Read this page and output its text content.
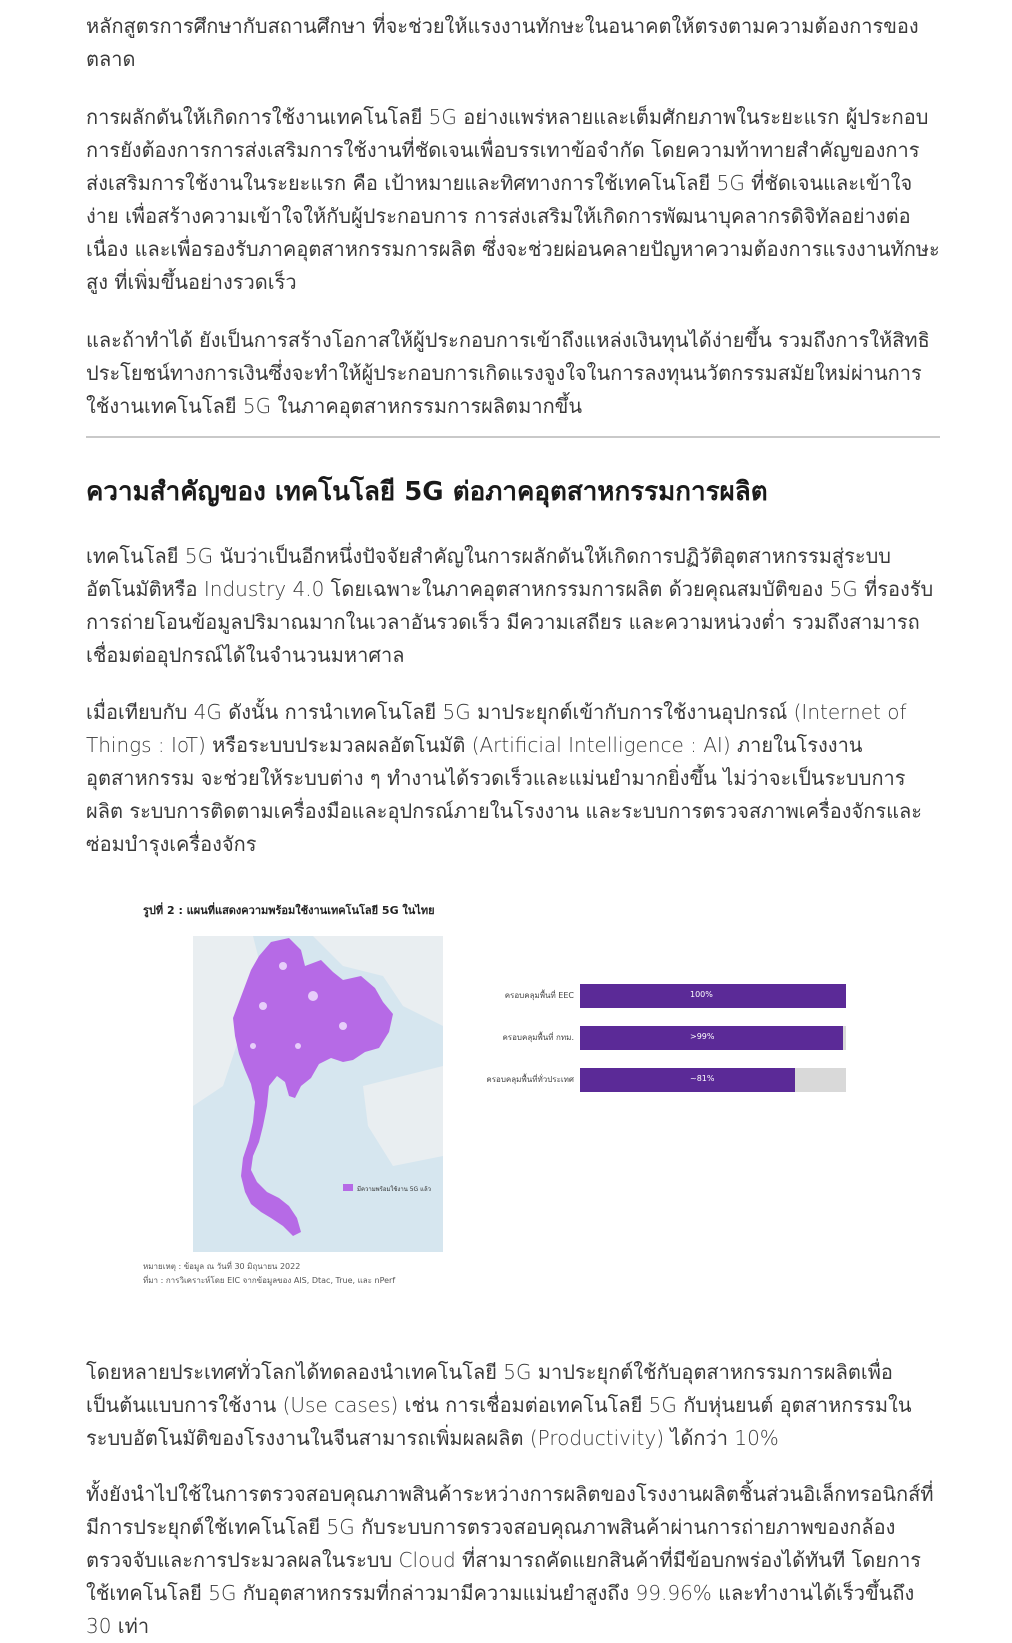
หลักสูตรการศึกษากับสถานศึกษา ที่จะช่วยให้แรงงานทักษะในอนาคตให้ตรงตามความต้องการของตลาด

การผลักดันให้เกิดการใช้งานเทคโนโลยี 5G อย่างแพร่หลายและเต็มศักยภาพในระยะแรก ผู้ประกอบการยังต้องการการส่งเสริมการใช้งานที่ชัดเจนเพื่อบรรเทาข้อจำกัด โดยความท้าทายสำคัญของการส่งเสริมการใช้งานในระยะแรก คือ เป้าหมายและทิศทางการใช้เทคโนโลยี 5G ที่ชัดเจนและเข้าใจง่าย เพื่อสร้างความเข้าใจให้กับผู้ประกอบการ การส่งเสริมให้เกิดการพัฒนาบุคลากรดิจิทัลอย่างต่อเนื่อง และเพื่อรองรับภาคอุตสาหกรรมการผลิต ซึ่งจะช่วยผ่อนคลายปัญหาความต้องการแรงงานทักษะสูง ที่เพิ่มขึ้นอย่างรวดเร็ว

และถ้าทำได้ ยังเป็นการสร้างโอกาสให้ผู้ประกอบการเข้าถึงแหล่งเงินทุนได้ง่ายขึ้น รวมถึงการให้สิทธิประโยชน์ทางการเงินซึ่งจะทำให้ผู้ประกอบการเกิดแรงจูงใจในการลงทุนนวัตกรรมสมัยใหม่ผ่านการใช้งานเทคโนโลยี 5G ในภาคอุตสาหกรรมการผลิตมากขึ้น

ความสำคัญของ เทคโนโลยี 5G ต่อภาคอุตสาหกรรมการผลิต

เทคโนโลยี 5G นับว่าเป็นอีกหนึ่งปัจจัยสำคัญในการผลักดันให้เกิดการปฏิวัติอุตสาหกรรมสู่ระบบอัตโนมัติหรือ Industry 4.0 โดยเฉพาะในภาคอุตสาหกรรมการผลิต ด้วยคุณสมบัติของ 5G ที่รองรับการถ่ายโอนข้อมูลปริมาณมากในเวลาอันรวดเร็ว มีความเสถียร และความหน่วงต่ำ รวมถึงสามารถเชื่อมต่ออุปกรณ์ได้ในจำนวนมหาศาล

เมื่อเทียบกับ 4G ดังนั้น การนำเทคโนโลยี 5G มาประยุกต์เข้ากับการใช้งานอุปกรณ์ (Internet of Things : IoT) หรือระบบประมวลผลอัตโนมัติ (Artificial Intelligence : AI) ภายในโรงงานอุตสาหกรรม จะช่วยให้ระบบต่าง ๆ ทำงานได้รวดเร็วและแม่นยำมากยิ่งขึ้น ไม่ว่าจะเป็นระบบการผลิต ระบบการติดตามเครื่องมือและอุปกรณ์ภายในโรงงาน และระบบการตรวจสภาพเครื่องจักรและซ่อมบำรุงเครื่องจักร

รูปที่ 2 : แผนที่แสดงความพร้อมใช้งานเทคโนโลยี 5G ในไทย
มีความพร้อมใช้งาน 5G แล้ว
ครอบคลุมพื้นที่ EEC	100%
ครอบคลุมพื้นที่ กทม.	>99%
ครอบคลุมพื้นที่ทั่วประเทศ	~81%
หมายเหตุ : ข้อมูล ณ วันที่ 30 มิถุนายน 2022
ที่มา : การวิเคราะห์โดย EIC จากข้อมูลของ AIS, Dtac, True, และ nPerf

โดยหลายประเทศทั่วโลกได้ทดลองนำเทคโนโลยี 5G มาประยุกต์ใช้กับอุตสาหกรรมการผลิตเพื่อเป็นต้นแบบการใช้งาน (Use cases) เช่น การเชื่อมต่อเทคโนโลยี 5G กับหุ่นยนต์ อุตสาหกรรมในระบบอัตโนมัติของโรงงานในจีนสามารถเพิ่มผลผลิต (Productivity) ได้กว่า 10%

ทั้งยังนำไปใช้ในการตรวจสอบคุณภาพสินค้าระหว่างการผลิตของโรงงานผลิตชิ้นส่วนอิเล็กทรอนิกส์ที่มีการประยุกต์ใช้เทคโนโลยี 5G กับระบบการตรวจสอบคุณภาพสินค้าผ่านการถ่ายภาพของกล้องตรวจจับและการประมวลผลในระบบ Cloud ที่สามารถคัดแยกสินค้าที่มีข้อบกพร่องได้ทันที โดยการใช้เทคโนโลยี 5G กับอุตสาหกรรมที่กล่าวมามีความแม่นยำสูงถึง 99.96% และทำงานได้เร็วขึ้นถึง 30 เท่า
